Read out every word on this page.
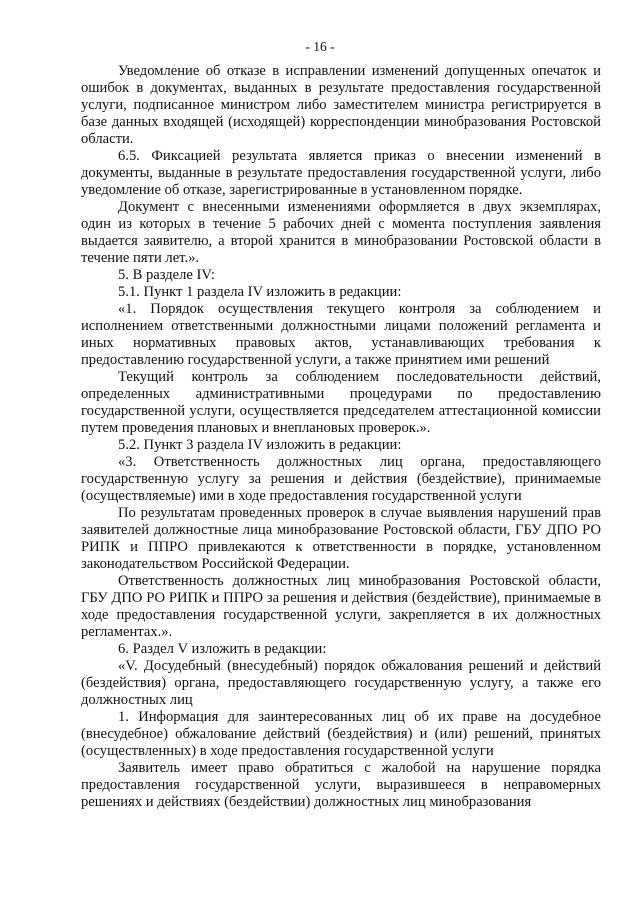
- 16 -

Уведомление об отказе в исправлении изменений допущенных опечаток и ошибок в документах, выданных в результате предоставления государственной услуги, подписанное министром либо заместителем министра регистрируется в базе данных входящей (исходящей) корреспонденции минобразования Ростовской области.

6.5. Фиксацией результата является приказ о внесении изменений в документы, выданные в результате предоставления государственной услуги, либо уведомление об отказе, зарегистрированные в установленном порядке.

Документ с внесенными изменениями оформляется в двух экземплярах, один из которых в течение 5 рабочих дней с момента поступления заявления выдается заявителю, а второй хранится в минобразовании Ростовской области в течение пяти лет.».

5. В разделе IV:

5.1. Пункт 1 раздела IV изложить в редакции:

«1. Порядок осуществления текущего контроля за соблюдением и исполнением ответственными должностными лицами положений регламента и иных нормативных правовых актов, устанавливающих требования к предоставлению государственной услуги, а также принятием ими решений

Текущий контроль за соблюдением последовательности действий, определенных административными процедурами по предоставлению государственной услуги, осуществляется председателем аттестационной комиссии путем проведения плановых и внеплановых проверок.».

5.2. Пункт 3 раздела IV изложить в редакции:

«3. Ответственность должностных лиц органа, предоставляющего государственную услугу за решения и действия (бездействие), принимаемые (осуществляемые) ими в ходе предоставления государственной услуги

По результатам проведенных проверок в случае выявления нарушений прав заявителей должностные лица минобразование Ростовской области, ГБУ ДПО РО РИПК и ППРО привлекаются к ответственности в порядке, установленном законодательством Российской Федерации.

Ответственность должностных лиц минобразования Ростовской области, ГБУ ДПО РО РИПК и ППРО за решения и действия (бездействие), принимаемые в ходе предоставления государственной услуги, закрепляется в их должностных регламентах.».

6. Раздел V изложить в редакции:

«V. Досудебный (внесудебный) порядок обжалования решений и действий (бездействия) органа, предоставляющего государственную услугу, а также его должностных лиц

1. Информация для заинтересованных лиц об их праве на досудебное (внесудебное) обжалование действий (бездействия) и (или) решений, принятых (осуществленных) в ходе предоставления государственной услуги

Заявитель имеет право обратиться с жалобой на нарушение порядка предоставления государственной услуги, выразившееся в неправомерных решениях и действиях (бездействии) должностных лиц минобразования
